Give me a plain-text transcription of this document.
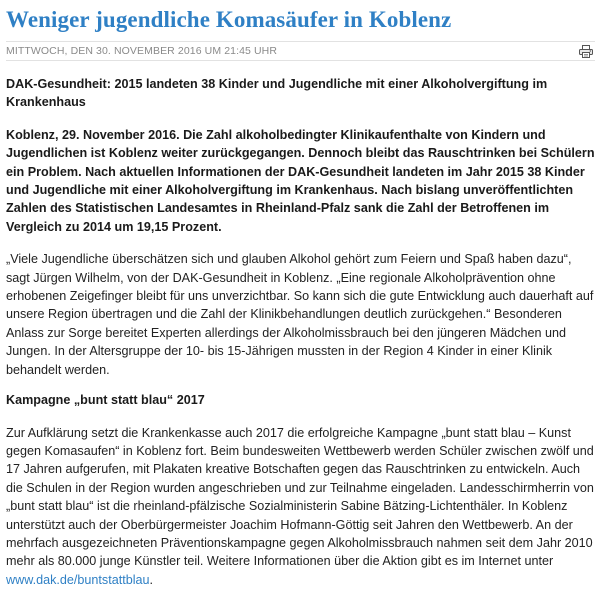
Weniger jugendliche Komasäufer in Koblenz
MITTWOCH, DEN 30. NOVEMBER 2016 UM 21:45 UHR

DAK-Gesundheit: 2015 landeten 38 Kinder und Jugendliche mit einer Alkoholvergiftung im Krankenhaus

Koblenz, 29. November 2016. Die Zahl alkoholbedingter Klinikaufenthalte von Kindern und Jugendlichen ist Koblenz weiter zurückgegangen. Dennoch bleibt das Rauschtrinken bei Schülern ein Problem. Nach aktuellen Informationen der DAK-Gesundheit landeten im Jahr 2015 38 Kinder und Jugendliche mit einer Alkoholvergiftung im Krankenhaus. Nach bislang unveröffentlichten Zahlen des Statistischen Landesamtes in Rheinland-Pfalz sank die Zahl der Betroffenen im Vergleich zu 2014 um 19,15 Prozent.

„Viele Jugendliche überschätzen sich und glauben Alkohol gehört zum Feiern und Spaß haben dazu“, sagt Jürgen Wilhelm, von der DAK-Gesundheit in Koblenz. „Eine regionale Alkoholprävention ohne erhobenen Zeigefinger bleibt für uns unverzichtbar. So kann sich die gute Entwicklung auch dauerhaft auf unsere Region übertragen und die Zahl der Klinikbehandlungen deutlich zurückgehen.“ Besonderen Anlass zur Sorge bereitet Experten allerdings der Alkoholmissbrauch bei den jüngeren Mädchen und Jungen. In der Altersgruppe der 10- bis 15-Jährigen mussten in der Region 4 Kinder in einer Klinik behandelt werden.

Kampagne „bunt statt blau“ 2017

Zur Aufklärung setzt die Krankenkasse auch 2017 die erfolgreiche Kampagne „bunt statt blau – Kunst gegen Komasaufen“ in Koblenz fort. Beim bundesweiten Wettbewerb werden Schüler zwischen zwölf und 17 Jahren aufgerufen, mit Plakaten kreative Botschaften gegen das Rauschtrinken zu entwickeln. Auch die Schulen in der Region wurden angeschrieben und zur Teilnahme eingeladen. Landesschirmherrin von „bunt statt blau“ ist die rheinland-pfälzische Sozialministerin Sabine Bätzing-Lichtenthäler. In Koblenz unterstützt auch der Oberbürgermeister Joachim Hofmann-Göttig seit Jahren den Wettbewerb. An der mehrfach ausgezeichneten Präventionskampagne gegen Alkoholmissbrauch nahmen seit dem Jahr 2010 mehr als 80.000 junge Künstler teil. Weitere Informationen über die Aktion gibt es im Internet unter www.dak.de/buntstattblau.
